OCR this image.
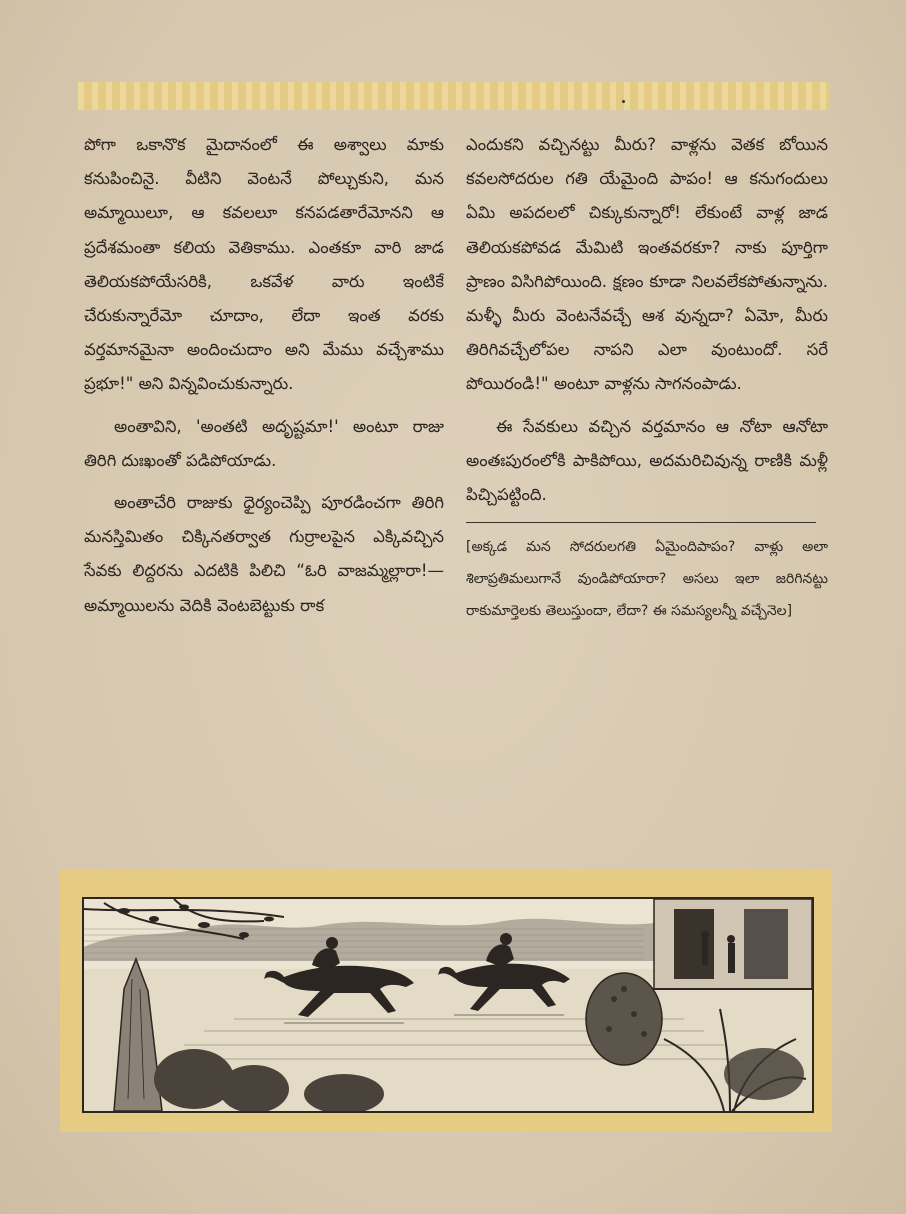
పోగా ఒకానొక మైదానంలో ఈ అశ్వాలు మాకు కనుపించినై. వీటిని వెంటనే పోల్చుకుని, మన అమ్మాయిలూ, ఆ కవలలూ కనపడతారేమోనని ఆ ప్రదేశమంతా కలియ వెతికాము. ఎంతకూ వారి జాడ తెలియకపోయేసరికి, ఒకవేళ వారు ఇంటికే చేరుకున్నారేమో చూదాం, లేదా ఇంత వరకు వర్తమానమైనా అందించుదాం అని మేము వచ్చేశాము ప్రభూ!" అని విన్నవించుకున్నారు.

అంతావిని, 'అంతటి అదృష్టమా!' అంటూ రాజు తిరిగి దుఃఖంతో పడిపోయాడు.

అంతాచేరి రాజుకు ధైర్యంచెప్పి పూరడించగా తిరిగి మనస్తిమితం చిక్కినతర్వాత గుర్రాలపైన ఎక్కివచ్చిన సేవకు లిద్దరను ఎదటికి పిలిచి “ఓరి వాజమ్మల్లారా!— అమ్మాయిలను వెదికి వెంటబెట్టుకు రాక

ఎందుకని వచ్చినట్టు మీరు? వాళ్లను వెతక బోయిన కవలసోదరుల గతి యేమైంది పాపం! ఆ కనుగందులు ఏమి అపదలలో చిక్కుకున్నారో! లేకుంటే వాళ్ల జాడ తెలియకపోవడ మేమిటి ఇంతవరకూ? నాకు పూర్తిగా ప్రాణం విసిగిపోయింది. క్షణం కూడా నిలవలేకపోతున్నాను. మళ్ళీ మీరు వెంటనేవచ్చే ఆశ వున్నదా? ఏమో, మీరు తిరిగివచ్చేలోపల నాపని ఎలా వుంటుందో. సరే పోయిరండి!" అంటూ వాళ్లను సాగనంపాడు.

ఈ సేవకులు వచ్చిన వర్తమానం ఆ నోటా ఆనోటా అంతఃపురంలోకి పాకిపోయి, అదమరిచివున్న రాణికి మళ్లీ పిచ్చిపట్టింది.

[అక్కడ మన సోదరులగతి ఏమైందిపాపం? వాళ్లు అలా శిలాప్రతిమలుగానే వుండిపోయారా? అసలు ఇలా జరిగినట్టు రాకుమార్తెలకు తెలుస్తుందా, లేదా? ఈ సమస్యలన్నీ వచ్చేనెల]
